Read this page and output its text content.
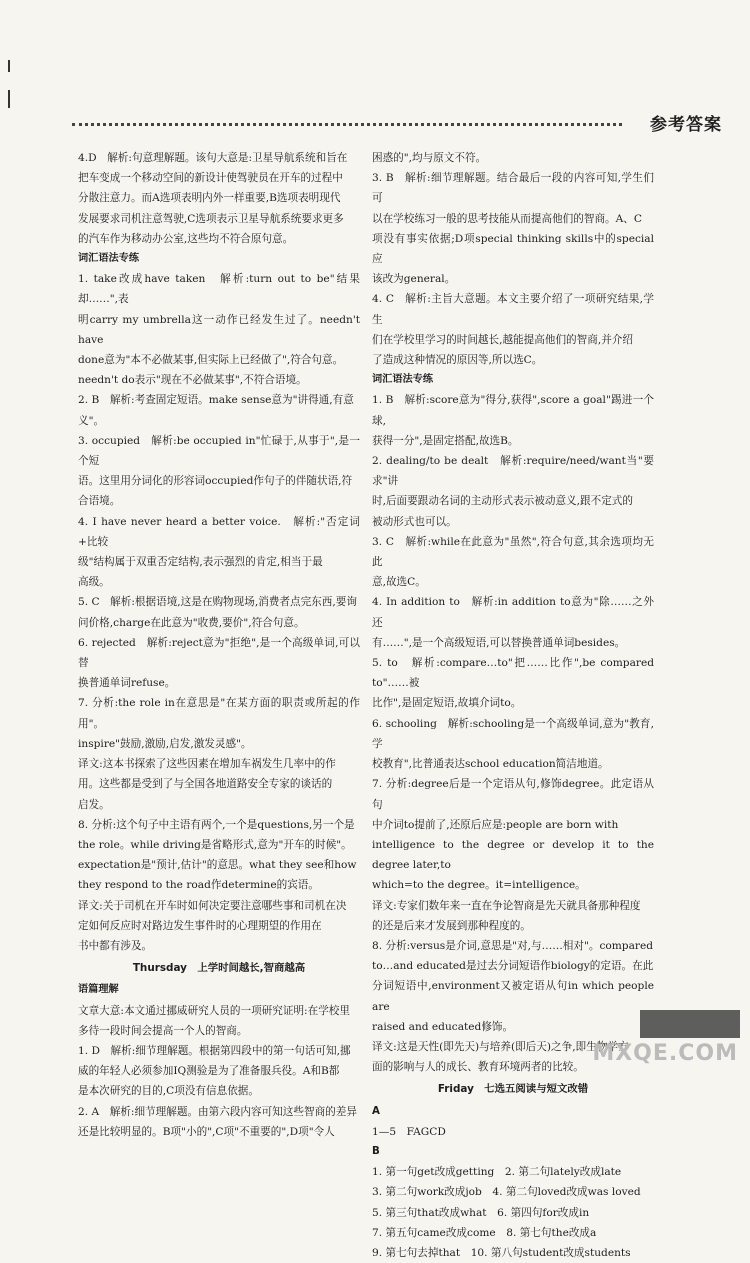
参考答案

4.D　解析:句意理解题。该句大意是:卫星导航系统和旨在

把车变成一个移动空间的新设计使驾驶员在开车的过程中

分散注意力。而A选项表明内外一样重要,B选项表明现代

发展要求司机注意驾驶,C选项表示卫星导航系统要求更多

的汽车作为移动办公室,这些均不符合原句意。

词汇语法专练

1. take改成have taken　解析:turn out to be"结果却……",表

明carry my umbrella这一动作已经发生过了。needn't have

done意为"本不必做某事,但实际上已经做了",符合句意。

needn't do表示"现在不必做某事",不符合语境。

2. B　解析:考查固定短语。make sense意为"讲得通,有意

义"。

3. occupied　解析:be occupied in"忙碌于,从事于",是一个短

语。这里用分词化的形容词occupied作句子的伴随状语,符

合语境。

4. I have never heard a better voice.　解析:"否定词+比较

级"结构属于双重否定结构,表示强烈的肯定,相当于最

高级。

5. C　解析:根据语境,这是在购物现场,消费者点完东西,要询

问价格,charge在此意为"收费,要价",符合句意。

6. rejected　解析:reject意为"拒绝",是一个高级单词,可以替

换普通单词refuse。

7. 分析:the role in在意思是"在某方面的职责或所起的作用"。

inspire"鼓励,激励,启发,激发灵感"。

译文:这本书探索了这些因素在增加车祸发生几率中的作

用。这些都是受到了与全国各地道路安全专家的谈话的

启发。

8. 分析:这个句子中主语有两个,一个是questions,另一个是

the role。while driving是省略形式,意为"开车的时候"。

expectation是"预计,估计"的意思。what they see和how

they respond to the road作determine的宾语。

译文:关于司机在开车时如何决定要注意哪些事和司机在决

定如何反应时对路边发生事件时的心理期望的作用在

书中都有涉及。

Thursday　上学时间越长,智商越高

语篇理解

文章大意:本文通过挪威研究人员的一项研究证明:在学校里

多待一段时间会提高一个人的智商。

1. D　解析:细节理解题。根据第四段中的第一句话可知,挪

威的年轻人必须参加IQ测验是为了准备服兵役。A和B都

是本次研究的目的,C项没有信息依据。

2. A　解析:细节理解题。由第六段内容可知这些智商的差异

还是比较明显的。B项"小的",C项"不重要的",D项"令人

困惑的",均与原文不符。

3. B　解析:细节理解题。结合最后一段的内容可知,学生们可

以在学校练习一般的思考技能从而提高他们的智商。A、C

项没有事实依据;D项special thinking skills中的special应

该改为general。

4. C　解析:主旨大意题。本文主要介绍了一项研究结果,学生

们在学校里学习的时间越长,越能提高他们的智商,并介绍

了造成这种情况的原因等,所以选C。

词汇语法专练

1. B　解析:score意为"得分,获得",score a goal"踢进一个球,

获得一分",是固定搭配,故选B。

2. dealing/to be dealt　解析:require/need/want当"要求"讲

时,后面要跟动名词的主动形式表示被动意义,跟不定式的

被动形式也可以。

3. C　解析:while在此意为"虽然",符合句意,其余选项均无此

意,故选C。

4. In addition to　解析:in addition to意为"除……之外还

有……",是一个高级短语,可以替换普通单词besides。

5. to　解析:compare…to"把……比作",be compared to"……被

比作",是固定短语,故填介词to。

6. schooling　解析:schooling是一个高级单词,意为"教育,学

校教育",比普通表达school education简洁地道。

7. 分析:degree后是一个定语从句,修饰degree。此定语从句

中介词to提前了,还原后应是:people are born with

intelligence to the degree or develop it to the degree later,to

which=to the degree。it=intelligence。

译文:专家们数年来一直在争论智商是先天就具备那种程度

的还是后来才发展到那种程度的。

8. 分析:versus是介词,意思是"对,与……相对"。compared

to…and educated是过去分词短语作biology的定语。在此

分词短语中,environment又被定语从句in which people are

raised and educated修饰。

译文:这是天性(即先天)与培养(即后天)之争,即生物学方

面的影响与人的成长、教育环境两者的比较。

Friday　七选五阅读与短文改错

A

1—5　FAGCD

B

1. 第一句get改成getting　2. 第二句lately改成late

3. 第二句work改成job　4. 第二句loved改成was loved

5. 第三句that改成what　6. 第四句for改成in

7. 第五句came改成come　8. 第七句the改成a

9. 第七句去掉that　10. 第八句student改成students

MXQE.COM
